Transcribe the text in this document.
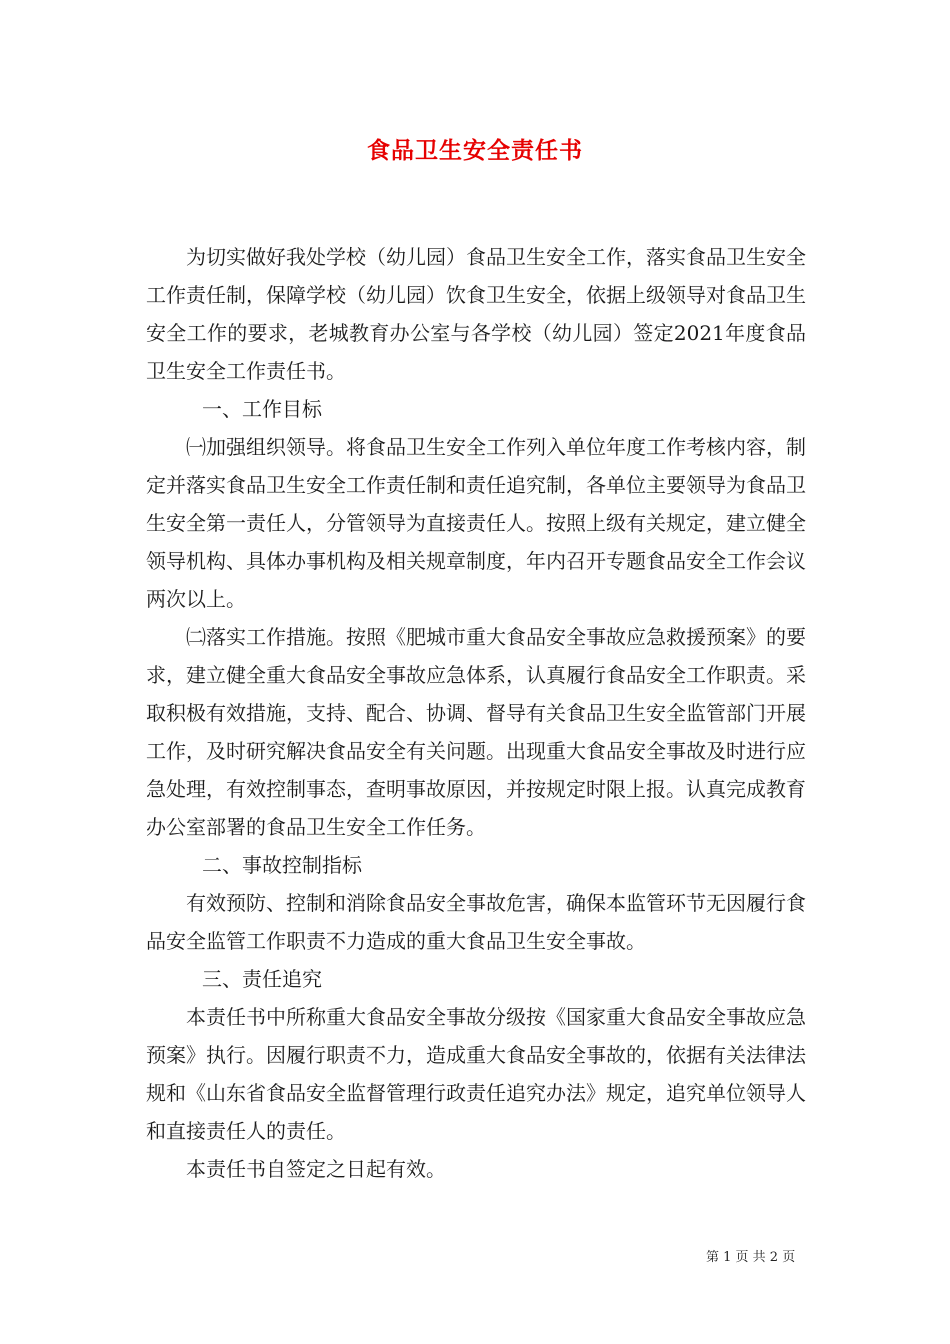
食品卫生安全责任书

为切实做好我处学校（幼儿园）食品卫生安全工作，落实食品卫生安全工作责任制，保障学校（幼儿园）饮食卫生安全，依据上级领导对食品卫生安全工作的要求，老城教育办公室与各学校（幼儿园）签定2021年度食品卫生安全工作责任书。

一、工作目标

㈠加强组织领导。将食品卫生安全工作列入单位年度工作考核内容，制定并落实食品卫生安全工作责任制和责任追究制，各单位主要领导为食品卫生安全第一责任人，分管领导为直接责任人。按照上级有关规定，建立健全领导机构、具体办事机构及相关规章制度，年内召开专题食品安全工作会议两次以上。

㈡落实工作措施。按照《肥城市重大食品安全事故应急救援预案》的要求，建立健全重大食品安全事故应急体系，认真履行食品安全工作职责。采取积极有效措施，支持、配合、协调、督导有关食品卫生安全监管部门开展工作，及时研究解决食品安全有关问题。出现重大食品安全事故及时进行应急处理，有效控制事态，查明事故原因，并按规定时限上报。认真完成教育办公室部署的食品卫生安全工作任务。

二、事故控制指标

有效预防、控制和消除食品安全事故危害，确保本监管环节无因履行食品安全监管工作职责不力造成的重大食品卫生安全事故。

三、责任追究

本责任书中所称重大食品安全事故分级按《国家重大食品安全事故应急预案》执行。因履行职责不力，造成重大食品安全事故的，依据有关法律法规和《山东省食品安全监督管理行政责任追究办法》规定，追究单位领导人和直接责任人的责任。

本责任书自签定之日起有效。

第 1 页 共 2 页
